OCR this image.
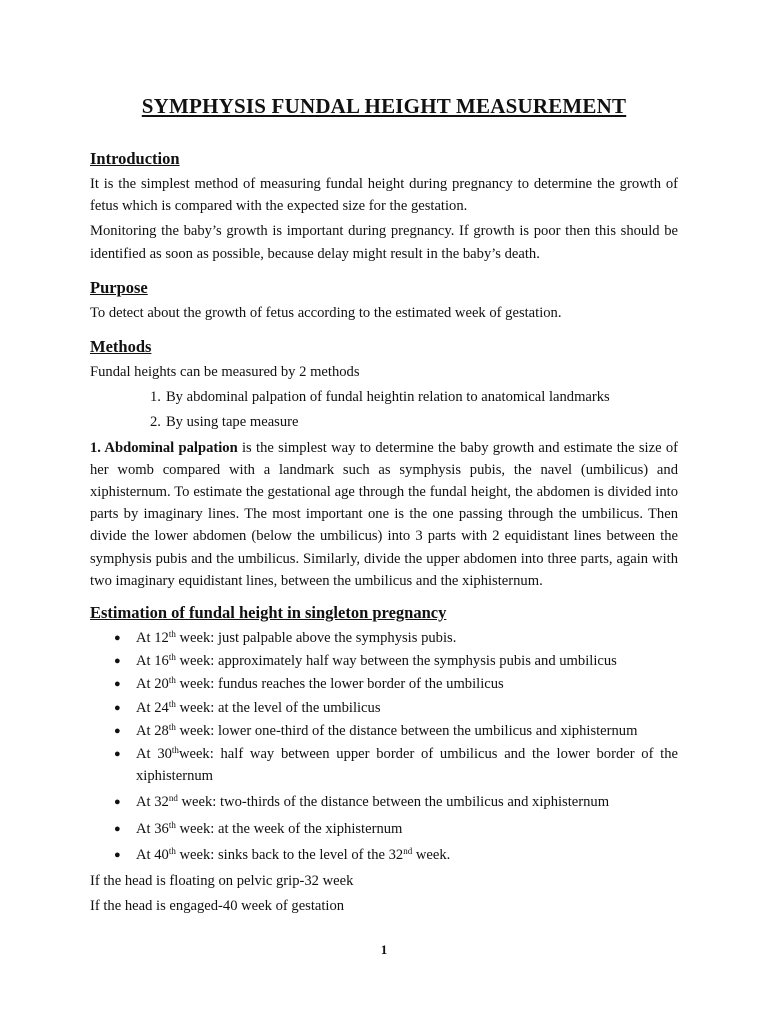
SYMPHYSIS FUNDAL HEIGHT MEASUREMENT
Introduction

It is the simplest method of measuring fundal height during pregnancy to determine the growth of fetus which is compared with the expected size for the gestation.

Monitoring the baby’s growth is important during pregnancy. If growth is poor then this should be identified as soon as possible, because delay might result in the baby’s death.

Purpose

To detect about the growth of fetus according to the estimated week of gestation.

Methods

Fundal heights can be measured by 2 methods

1. By abdominal palpation of fundal heightin relation to anatomical landmarks
2. By using tape measure

1. Abdominal palpation is the simplest way to determine the baby growth and estimate the size of her womb compared with a landmark such as symphysis pubis, the navel (umbilicus) and xiphisternum. To estimate the gestational age through the fundal height, the abdomen is divided into parts by imaginary lines. The most important one is the one passing through the umbilicus. Then divide the lower abdomen (below the umbilicus) into 3 parts with 2 equidistant lines between the symphysis pubis and the umbilicus. Similarly, divide the upper abdomen into three parts, again with two imaginary equidistant lines, between the umbilicus and the xiphisternum.

Estimation of fundal height in singleton pregnancy
● At 12th week: just palpable above the symphysis pubis.
● At 16th week: approximately half way between the symphysis pubis and umbilicus
● At 20th week: fundus reaches the lower border of the umbilicus
● At 24th week: at the level of the umbilicus
● At 28th week: lower one-third of the distance between the umbilicus and xiphisternum
● At 30thweek: half way between upper border of umbilicus and the lower border of the xiphisternum
● At 32nd week: two-thirds of the distance between the umbilicus and xiphisternum
● At 36th week: at the week of the xiphisternum
● At 40th week: sinks back to the level of the 32nd week.

If the head is floating on pelvic grip-32 week

If the head is engaged-40 week of gestation

1
